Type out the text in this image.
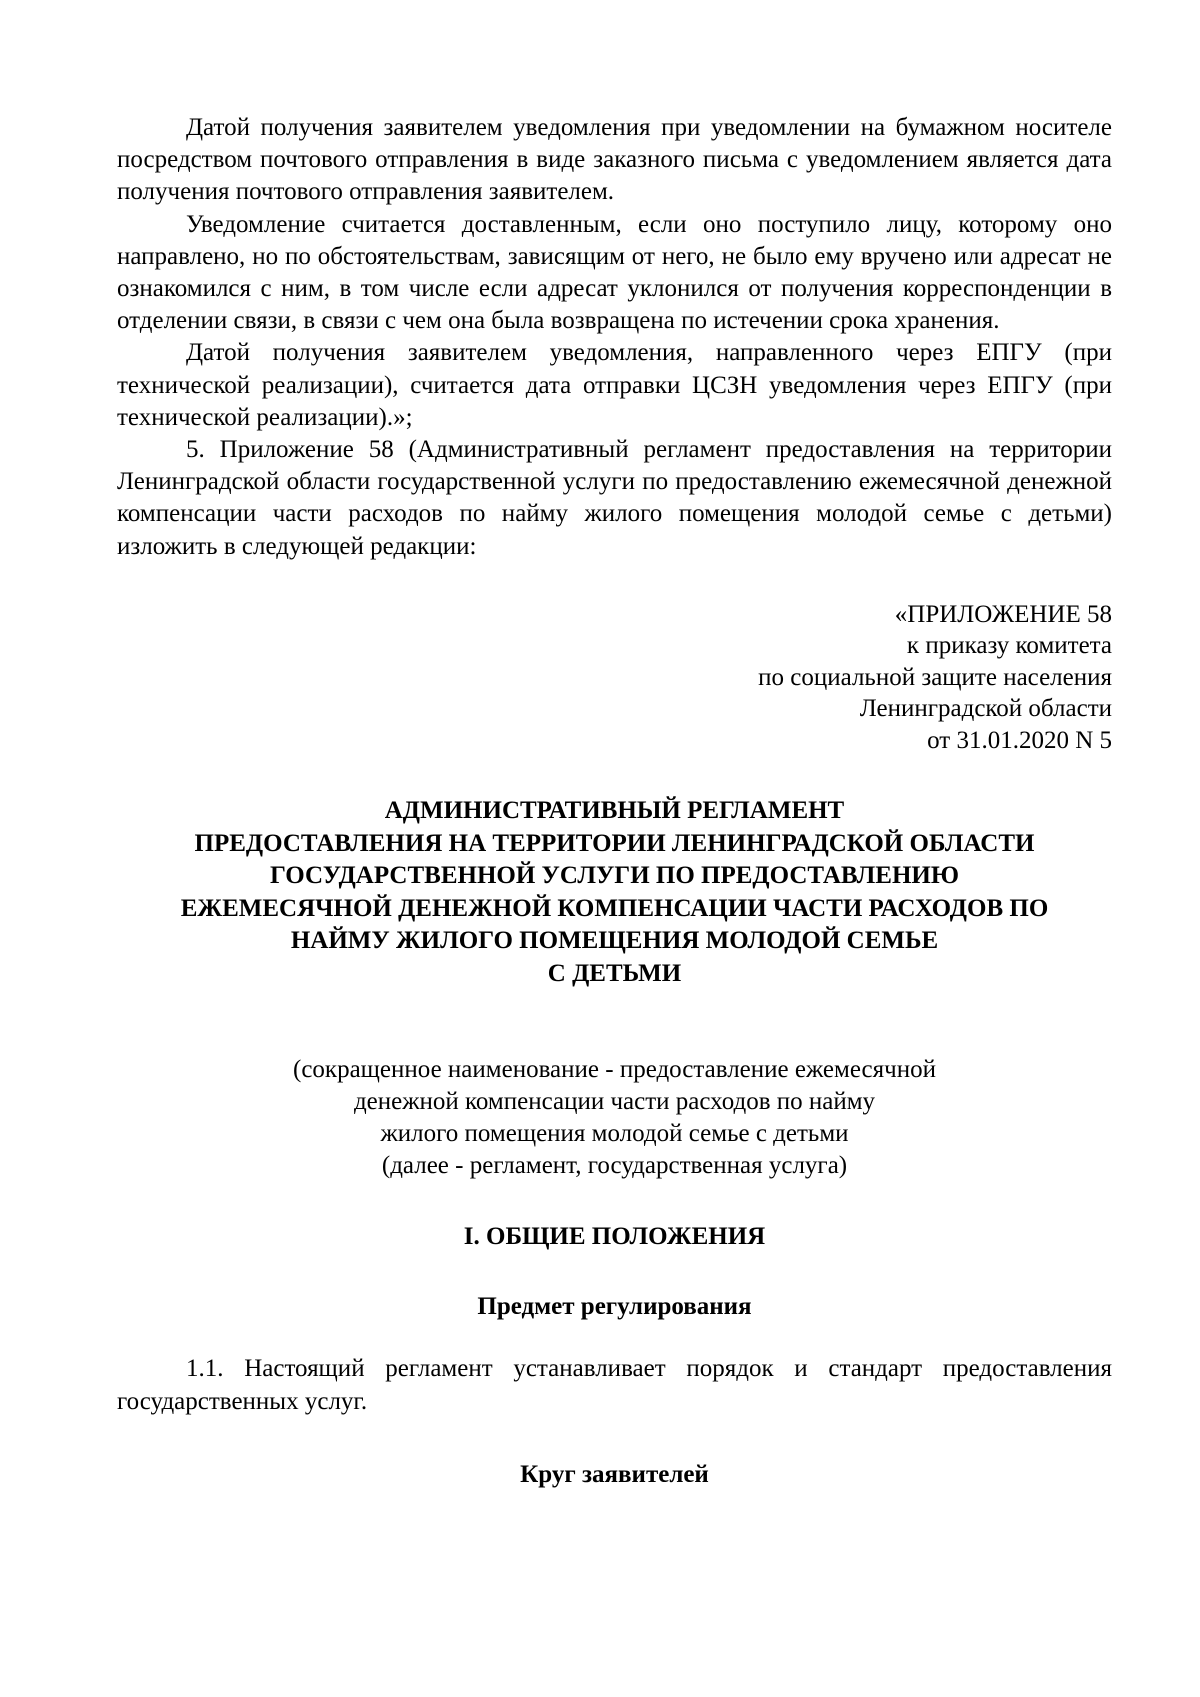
Датой получения заявителем уведомления при уведомлении на бумажном носителе посредством почтового отправления в виде заказного письма с уведомлением является дата получения почтового отправления заявителем.

Уведомление считается доставленным, если оно поступило лицу, которому оно направлено, но по обстоятельствам, зависящим от него, не было ему вручено или адресат не ознакомился с ним, в том числе если адресат уклонился от получения корреспонденции в отделении связи, в связи с чем она была возвращена по истечении срока хранения.

Датой получения заявителем уведомления, направленного через ЕПГУ (при технической реализации), считается дата отправки ЦСЗН уведомления через ЕПГУ (при технической реализации).»;

5. Приложение 58 (Административный регламент предоставления на территории Ленинградской области государственной услуги по предоставлению ежемесячной денежной компенсации части расходов по найму жилого помещения молодой семье с детьми) изложить в следующей редакции:

«ПРИЛОЖЕНИЕ 58
к приказу комитета
по социальной защите населения
Ленинградской области
от 31.01.2020 N 5
АДМИНИСТРАТИВНЫЙ РЕГЛАМЕНТ
ПРЕДОСТАВЛЕНИЯ НА ТЕРРИТОРИИ ЛЕНИНГРАДСКОЙ ОБЛАСТИ
ГОСУДАРСТВЕННОЙ УСЛУГИ ПО ПРЕДОСТАВЛЕНИЮ
ЕЖЕМЕСЯЧНОЙ ДЕНЕЖНОЙ КОМПЕНСАЦИИ ЧАСТИ РАСХОДОВ ПО
НАЙМУ ЖИЛОГО ПОМЕЩЕНИЯ МОЛОДОЙ СЕМЬЕ
С ДЕТЬМИ
(сокращенное наименование - предоставление ежемесячной
денежной компенсации части расходов по найму
жилого помещения молодой семье с детьми
(далее - регламент, государственная услуга)
I. ОБЩИЕ ПОЛОЖЕНИЯ
Предмет регулирования

1.1. Настоящий регламент устанавливает порядок и стандарт предоставления государственных услуг.

Круг заявителей
